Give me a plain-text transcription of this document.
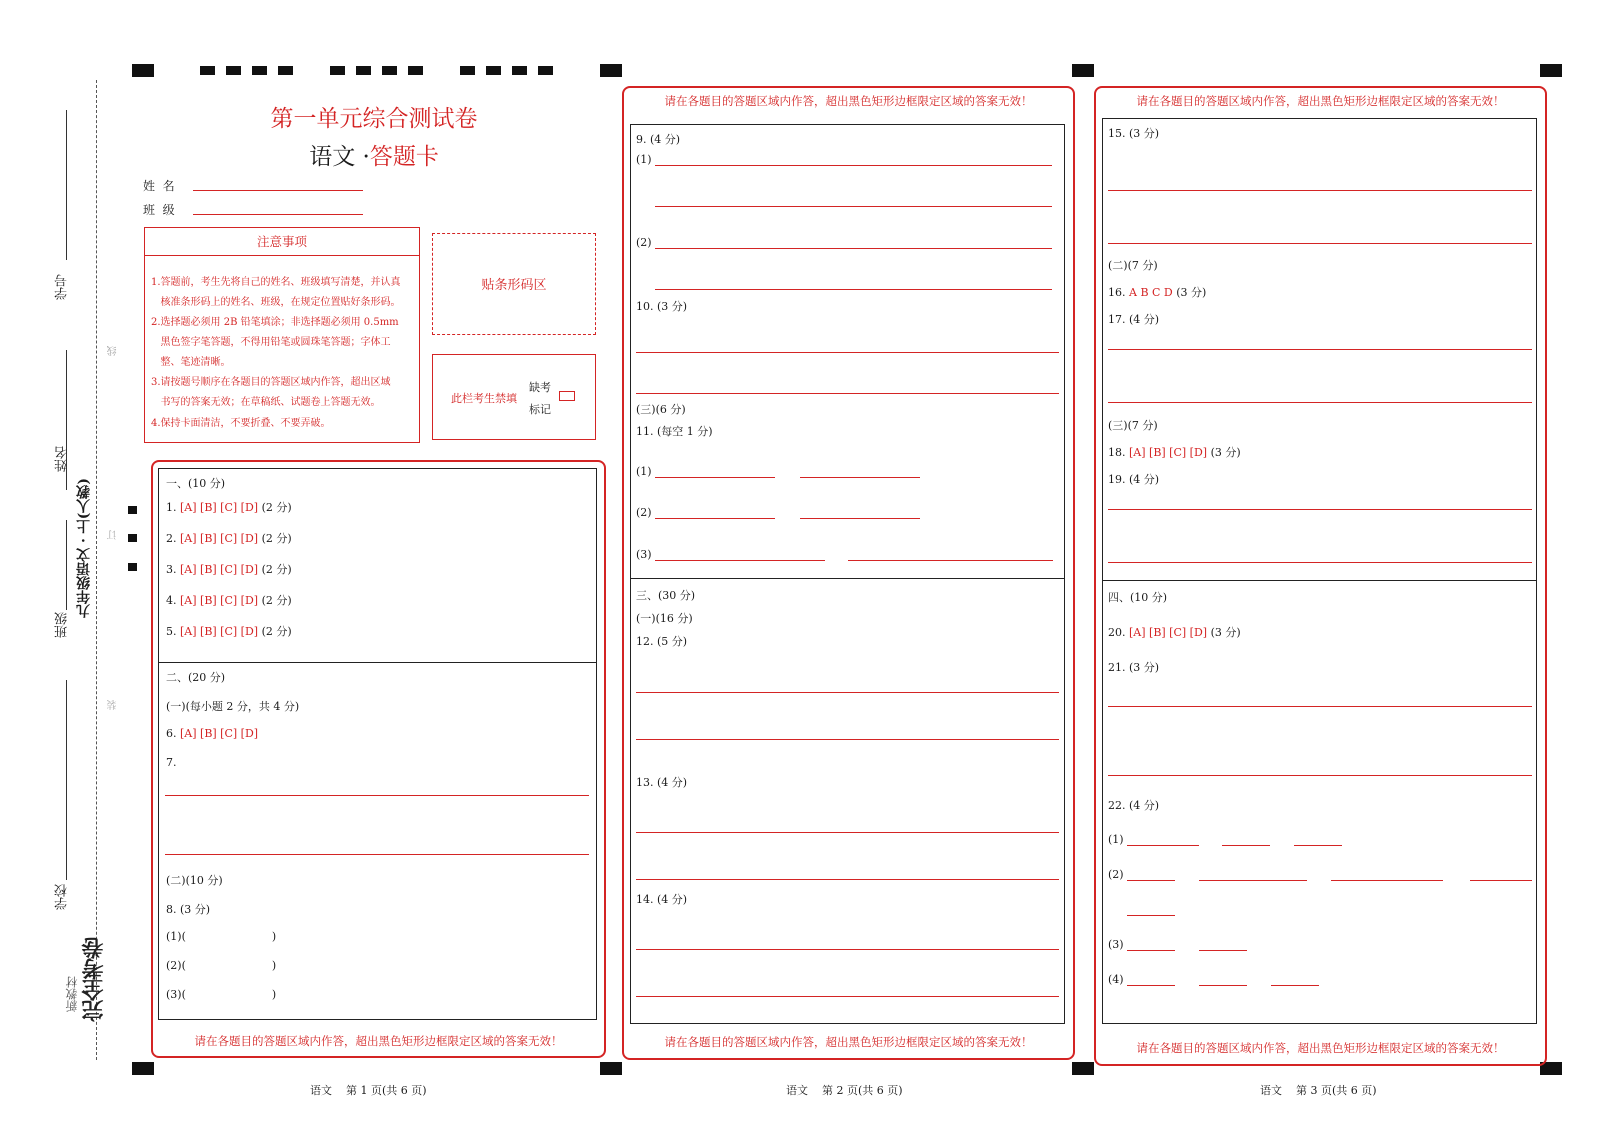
学号
姓名
班级
学校
九年级语文 · 上(人教)
线
订
装
新教材 完全考卷
第一单元综合测试卷
语文 ·答题卡
姓  名
班  级
注意事项
1.答题前，考生先将自己的姓名、班级填写清楚，并认真
核准条形码上的姓名、班级，在规定位置贴好条形码。
2.选择题必须用 2B 铅笔填涂；非选择题必须用 0.5mm
黑色签字笔答题，不得用铅笔或圆珠笔答题；字体工
整、笔迹清晰。
3.请按题号顺序在各题目的答题区域内作答，超出区域
书写的答案无效；在草稿纸、试题卷上答题无效。
4.保持卡面清洁，不要折叠、不要弄破。
贴条形码区
此栏考生禁填
缺考
标记
一、(10 分)
1. [A] [B] [C] [D] (2 分)
2. [A] [B] [C] [D] (2 分)
3. [A] [B] [C] [D] (2 分)
4. [A] [B] [C] [D] (2 分)
5. [A] [B] [C] [D] (2 分)
二、(20 分)
(一)(每小题 2 分，共 4 分)
6. [A] [B] [C] [D]
7.
(二)(10 分)
8. (3 分)
(1)(	)
(2)(	)
(3)(	)
请在各题目的答题区域内作答，超出黑色矩形边框限定区域的答案无效！
语文    第 1 页(共 6 页)
请在各题目的答题区域内作答，超出黑色矩形边框限定区域的答案无效！
9. (4 分)
(1)
(2)
10. (3 分)
(三)(6 分)
11. (每空 1 分)
(1)
(2)
(3)
三、(30 分)
(一)(16 分)
12. (5 分)
13. (4 分)
14. (4 分)
请在各题目的答题区域内作答，超出黑色矩形边框限定区域的答案无效！
语文    第 2 页(共 6 页)
请在各题目的答题区域内作答，超出黑色矩形边框限定区域的答案无效！
15. (3 分)
(二)(7 分)
16. A B C D (3 分)
17. (4 分)
(三)(7 分)
18. [A] [B] [C] [D] (3 分)
19. (4 分)
四、(10 分)
20. [A] [B] [C] [D] (3 分)
21. (3 分)
22. (4 分)
(1)
(2)
(3)
(4)
请在各题目的答题区域内作答，超出黑色矩形边框限定区域的答案无效！
语文    第 3 页(共 6 页)
